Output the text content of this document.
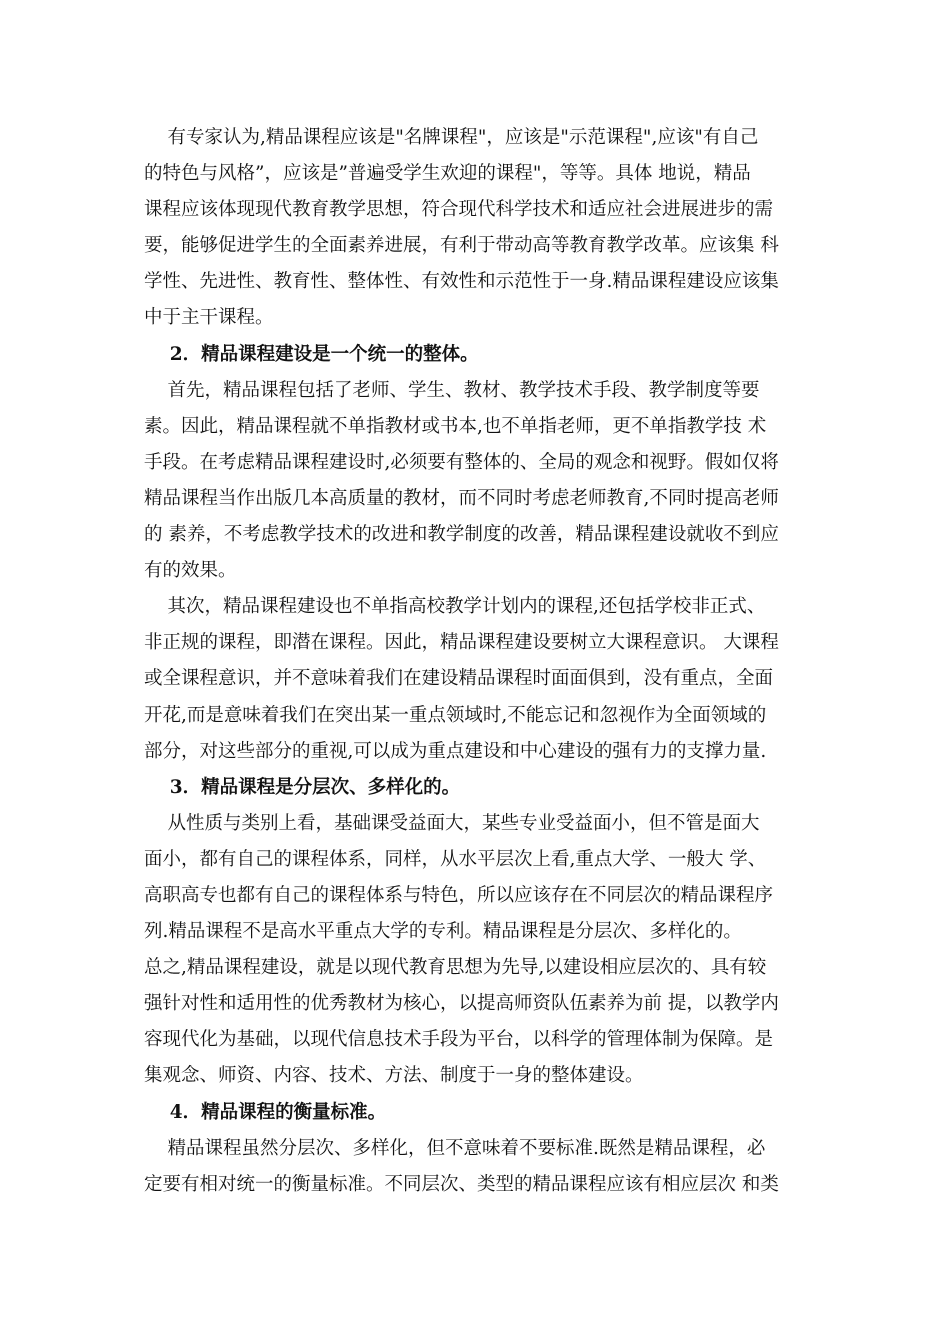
有专家认为,精品课程应该是"名牌课程"，应该是"示范课程",应该"有自己
的特色与风格”，应该是”普遍受学生欢迎的课程"，等等。具体 地说，精品
课程应该体现现代教育教学思想，符合现代科学技术和适应社会进展进步的需
要，能够促进学生的全面素养进展，有利于带动高等教育教学改革。应该集 科
学性、先进性、教育性、整体性、有效性和示范性于一身.精品课程建设应该集
中于主干课程。
2．精品课程建设是一个统一的整体。
首先，精品课程包括了老师、学生、教材、教学技术手段、教学制度等要
素。因此，精品课程就不单指教材或书本,也不单指老师，更不单指教学技 术
手段。在考虑精品课程建设时,必须要有整体的、全局的观念和视野。假如仅将
精品课程当作出版几本高质量的教材，而不同时考虑老师教育,不同时提高老师
的 素养，不考虑教学技术的改进和教学制度的改善，精品课程建设就收不到应
有的效果。
其次，精品课程建设也不单指高校教学计划内的课程,还包括学校非正式、
非正规的课程，即潜在课程。因此，精品课程建设要树立大课程意识。 大课程
或全课程意识，并不意味着我们在建设精品课程时面面俱到，没有重点，全面
开花,而是意味着我们在突出某一重点领域时,不能忘记和忽视作为全面领域的
部分，对这些部分的重视,可以成为重点建设和中心建设的强有力的支撑力量.
3．精品课程是分层次、多样化的。
从性质与类别上看，基础课受益面大，某些专业受益面小，但不管是面大
面小，都有自己的课程体系，同样，从水平层次上看,重点大学、一般大 学、
高职高专也都有自己的课程体系与特色，所以应该存在不同层次的精品课程序
列.精品课程不是高水平重点大学的专利。精品课程是分层次、多样化的。
总之,精品课程建设，就是以现代教育思想为先导,以建设相应层次的、具有较
强针对性和适用性的优秀教材为核心，以提高师资队伍素养为前 提，以教学内
容现代化为基础，以现代信息技术手段为平台，以科学的管理体制为保障。是
集观念、师资、内容、技术、方法、制度于一身的整体建设。
4．精品课程的衡量标准。
精品课程虽然分层次、多样化，但不意味着不要标准.既然是精品课程，必
定要有相对统一的衡量标准。不同层次、类型的精品课程应该有相应层次 和类
